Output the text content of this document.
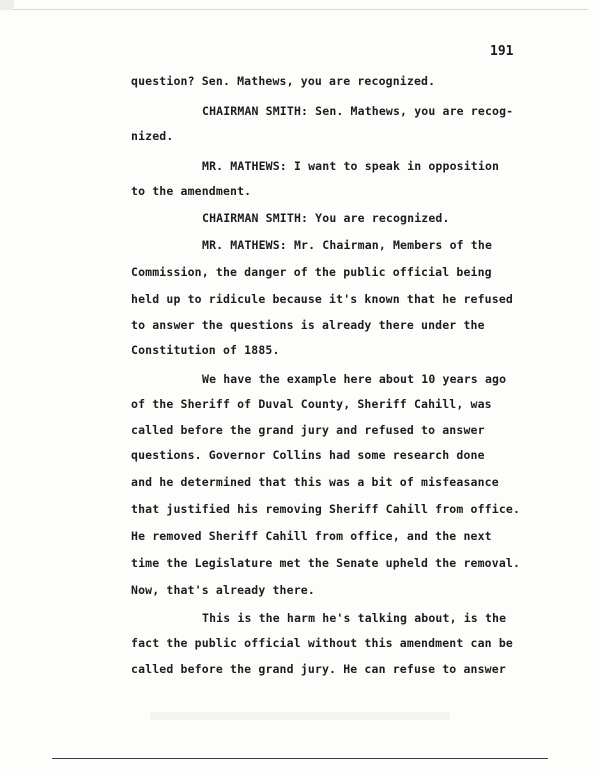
191

question? Sen. Mathews, you are recognized.

CHAIRMAN SMITH: Sen. Mathews, you are recog-

nized.

MR. MATHEWS: I want to speak in opposition

to the amendment.

CHAIRMAN SMITH: You are recognized.

MR. MATHEWS: Mr. Chairman, Members of the

Commission, the danger of the public official being

held up to ridicule because it's known that he refused

to answer the questions is already there under the

Constitution of 1885.

We have the example here about 10 years ago

of the Sheriff of Duval County, Sheriff Cahill, was

called before the grand jury and refused to answer

questions. Governor Collins had some research done

and he determined that this was a bit of misfeasance

that justified his removing Sheriff Cahill from office.

He removed Sheriff Cahill from office, and the next

time the Legislature met the Senate upheld the removal.

Now, that's already there.

This is the harm he's talking about, is the

fact the public official without this amendment can be

called before the grand jury. He can refuse to answer
